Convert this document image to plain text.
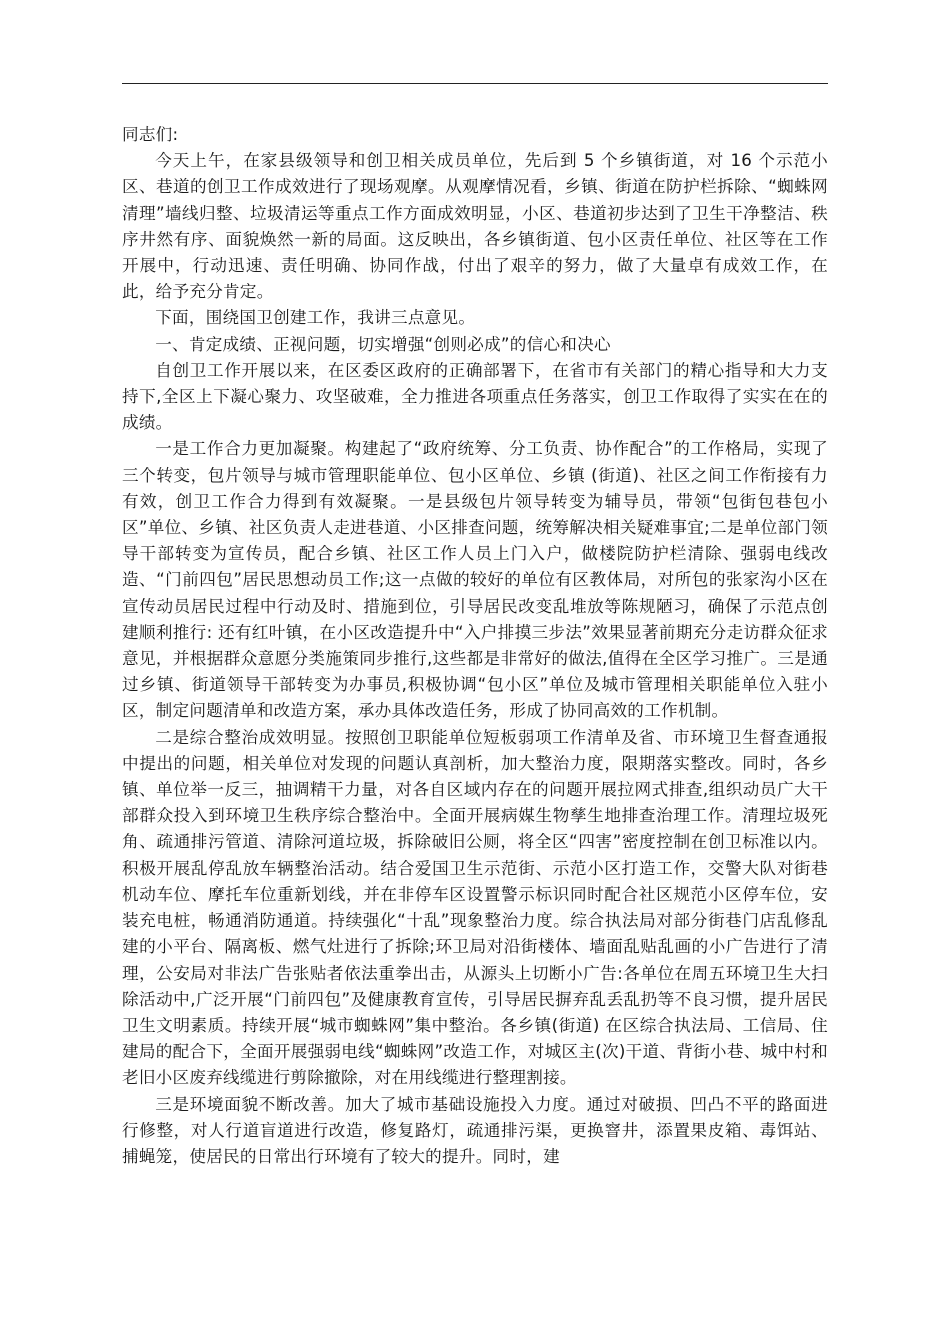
同志们:

今天上午，在家县级领导和创卫相关成员单位，先后到 5 个乡镇街道，对 16 个示范小区、巷道的创卫工作成效进行了现场观摩。从观摩情况看，乡镇、街道在防护栏拆除、“蜘蛛网清理”墙线归整、垃圾清运等重点工作方面成效明显，小区、巷道初步达到了卫生干净整洁、秩序井然有序、面貌焕然一新的局面。这反映出，各乡镇街道、包小区责任单位、社区等在工作开展中，行动迅速、责任明确、协同作战，付出了艰辛的努力，做了大量卓有成效工作，在此，给予充分肯定。

下面，围绕国卫创建工作，我讲三点意见。

一、肯定成绩、正视问题，切实增强“创则必成”的信心和决心

自创卫工作开展以来，在区委区政府的正确部署下，在省市有关部门的精心指导和大力支持下,全区上下凝心聚力、攻坚破难，全力推进各项重点任务落实，创卫工作取得了实实在在的成绩。

一是工作合力更加凝聚。构建起了“政府统筹、分工负责、协作配合”的工作格局，实现了三个转变，包片领导与城市管理职能单位、包小区单位、乡镇 (街道)、社区之间工作衔接有力有效，创卫工作合力得到有效凝聚。一是县级包片领导转变为辅导员，带领“包街包巷包小区”单位、乡镇、社区负责人走进巷道、小区排查问题，统筹解决相关疑难事宜;二是单位部门领导干部转变为宣传员，配合乡镇、社区工作人员上门入户，做楼院防护栏清除、强弱电线改造、“门前四包”居民思想动员工作;这一点做的较好的单位有区教体局，对所包的张家沟小区在宣传动员居民过程中行动及时、措施到位，引导居民改变乱堆放等陈规陋习，确保了示范点创建顺利推行: 还有红叶镇，在小区改造提升中“入户排摸三步法”效果显著前期充分走访群众征求意见，并根据群众意愿分类施策同步推行,这些都是非常好的做法,值得在全区学习推广。三是通过乡镇、街道领导干部转变为办事员,积极协调“包小区”单位及城市管理相关职能单位入驻小区，制定问题清单和改造方案，承办具体改造任务，形成了协同高效的工作机制。

二是综合整治成效明显。按照创卫职能单位短板弱项工作清单及省、市环境卫生督查通报中提出的问题，相关单位对发现的问题认真剖析，加大整治力度，限期落实整改。同时，各乡镇、单位举一反三，抽调精干力量，对各自区域内存在的问题开展拉网式排查,组织动员广大干部群众投入到环境卫生秩序综合整治中。全面开展病媒生物孳生地排查治理工作。清理垃圾死角、疏通排污管道、清除河道垃圾，拆除破旧公厕，将全区“四害”密度控制在创卫标准以内。积极开展乱停乱放车辆整治活动。结合爱国卫生示范街、示范小区打造工作，交警大队对街巷机动车位、摩托车位重新划线，并在非停车区设置警示标识同时配合社区规范小区停车位，安装充电桩，畅通消防通道。持续强化“十乱”现象整治力度。综合执法局对部分街巷门店乱修乱建的小平台、隔离板、燃气灶进行了拆除;环卫局对沿街楼体、墙面乱贴乱画的小广告进行了清理，公安局对非法广告张贴者依法重拳出击，从源头上切断小广告:各单位在周五环境卫生大扫除活动中,广泛开展“门前四包”及健康教育宣传，引导居民摒弃乱丢乱扔等不良习惯，提升居民卫生文明素质。持续开展“城市蜘蛛网”集中整治。各乡镇(街道) 在区综合执法局、工信局、住建局的配合下，全面开展强弱电线“蜘蛛网”改造工作，对城区主(次)干道、背街小巷、城中村和老旧小区废弃线缆进行剪除撤除，对在用线缆进行整理割接。

三是环境面貌不断改善。加大了城市基础设施投入力度。通过对破损、凹凸不平的路面进行修整，对人行道盲道进行改造，修复路灯，疏通排污渠，更换窨井，添置果皮箱、毒饵站、捕蝇笼，使居民的日常出行环境有了较大的提升。同时，建
